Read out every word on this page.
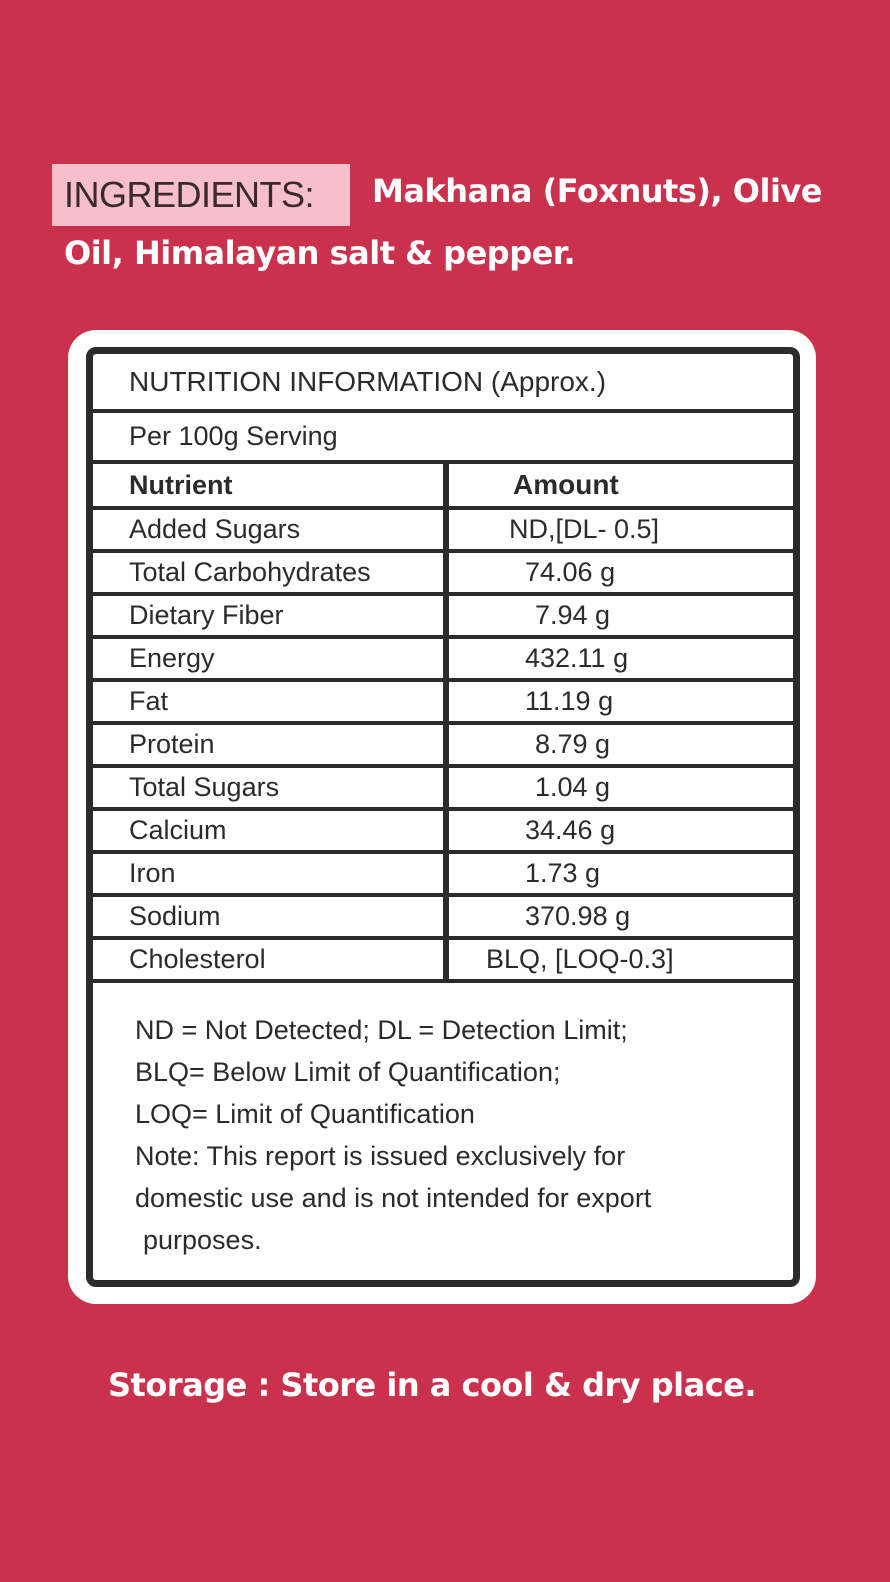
INGREDIENTS: Makhana (Foxnuts), Olive
Oil, Himalayan salt & pepper.
NUTRITION INFORMATION (Approx.)	
Per 100g Serving	
Nutrient	Amount
Added Sugars	ND,[DL- 0.5]
Total Carbohydrates	74.06 g
Dietary Fiber	7.94 g
Energy	432.11 g
Fat	11.19 g
Protein	8.79 g
Total Sugars	1.04 g
Calcium	34.46 g
Iron	1.73 g
Sodium	370.98 g
Cholesterol	BLQ, [LOQ-0.3]
ND = Not Detected; DL = Detection Limit;
BLQ= Below Limit of Quantification;
LOQ= Limit of Quantification
Note: This report is issued exclusively for
domestic use and is not intended for export
purposes.
Storage : Store in a cool & dry place.
